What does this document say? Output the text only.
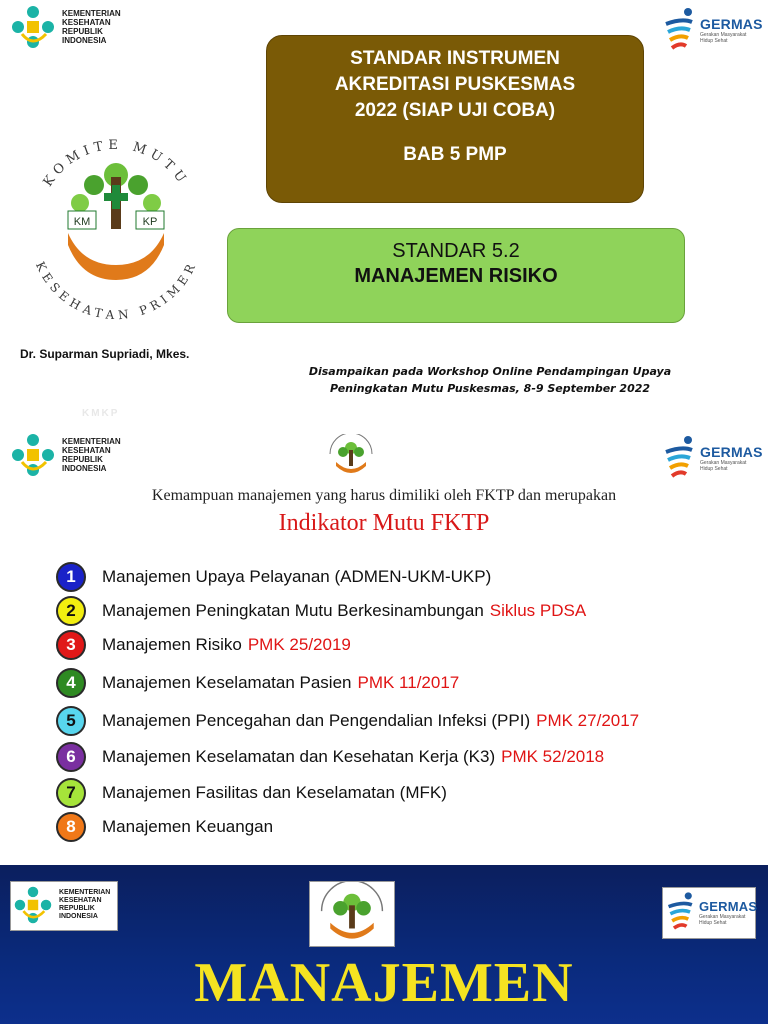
KEMENTERIAN
KESEHATAN
REPUBLIK
INDONESIA
GERMAS
Gerakan Masyarakat
Hidup Sehat
KOMITE MUTU
KESEHATAN PRIMER
KM	KP
STANDAR INSTRUMEN
AKREDITASI PUSKESMAS
2022 (SIAP UJI COBA)
BAB 5 PMP
STANDAR 5.2
MANAJEMEN RISIKO
Dr. Suparman Supriadi, Mkes.
Disampaikan pada Workshop Online Pendampingan Upaya
Peningkatan Mutu Puskesmas, 8-9 September 2022
KMKP
KEMENTERIAN
KESEHATAN
REPUBLIK
INDONESIA
GERMAS
Gerakan Masyarakat
Hidup Sehat
Kemampuan manajemen yang harus dimiliki oleh FKTP dan merupakan
Indikator Mutu FKTP
1 Manajemen Upaya Pelayanan (ADMEN-UKM-UKP)
2 Manajemen Peningkatan Mutu Berkesinambungan Siklus PDSA
3 Manajemen Risiko PMK 25/2019
4 Manajemen Keselamatan Pasien PMK 11/2017
5 Manajemen Pencegahan dan Pengendalian Infeksi (PPI) PMK 27/2017
6 Manajemen Keselamatan dan Kesehatan Kerja (K3) PMK 52/2018
7 Manajemen Fasilitas dan Keselamatan (MFK)
8 Manajemen Keuangan
KEMENTERIAN
KESEHATAN
REPUBLIK
INDONESIA
GERMAS
Gerakan Masyarakat
Hidup Sehat
MANAJEMEN
